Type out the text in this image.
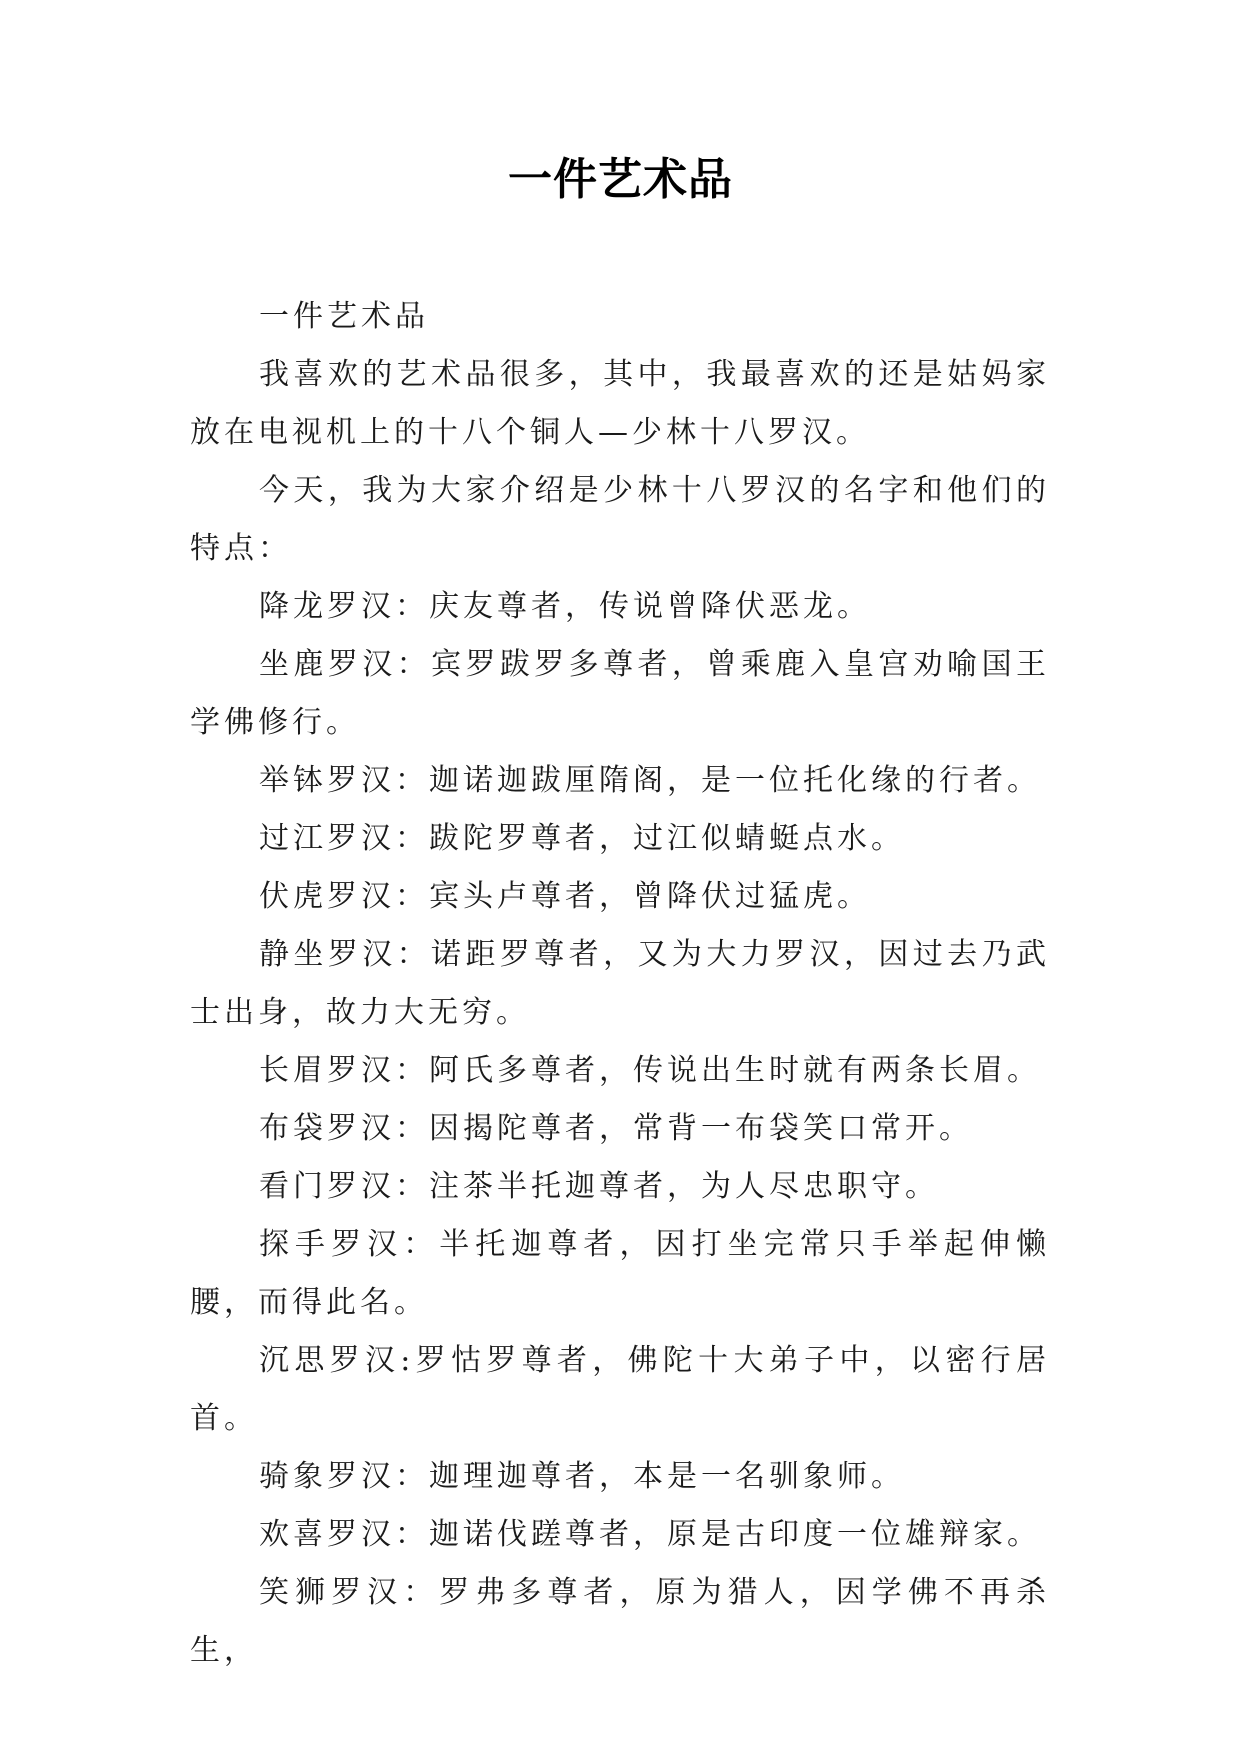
一件艺术品

一件艺术品

我喜欢的艺术品很多，其中，我最喜欢的还是姑妈家放在电视机上的十八个铜人—少林十八罗汉。

今天，我为大家介绍是少林十八罗汉的名字和他们的特点：

降龙罗汉：庆友尊者，传说曾降伏恶龙。

坐鹿罗汉：宾罗跋罗多尊者，曾乘鹿入皇宫劝喻国王学佛修行。

举钵罗汉：迦诺迦跋厘隋阁，是一位托化缘的行者。

过江罗汉：跋陀罗尊者，过江似蜻蜓点水。

伏虎罗汉：宾头卢尊者，曾降伏过猛虎。

静坐罗汉：诺距罗尊者，又为大力罗汉，因过去乃武士出身，故力大无穷。

长眉罗汉：阿氏多尊者，传说出生时就有两条长眉。

布袋罗汉：因揭陀尊者，常背一布袋笑口常开。

看门罗汉：注茶半托迦尊者，为人尽忠职守。

探手罗汉：半托迦尊者，因打坐完常只手举起伸懒腰，而得此名。

沉思罗汉:罗怙罗尊者，佛陀十大弟子中，以密行居首。

骑象罗汉：迦理迦尊者，本是一名驯象师。

欢喜罗汉：迦诺伐蹉尊者，原是古印度一位雄辩家。

笑狮罗汉：罗弗多尊者，原为猎人，因学佛不再杀生，
